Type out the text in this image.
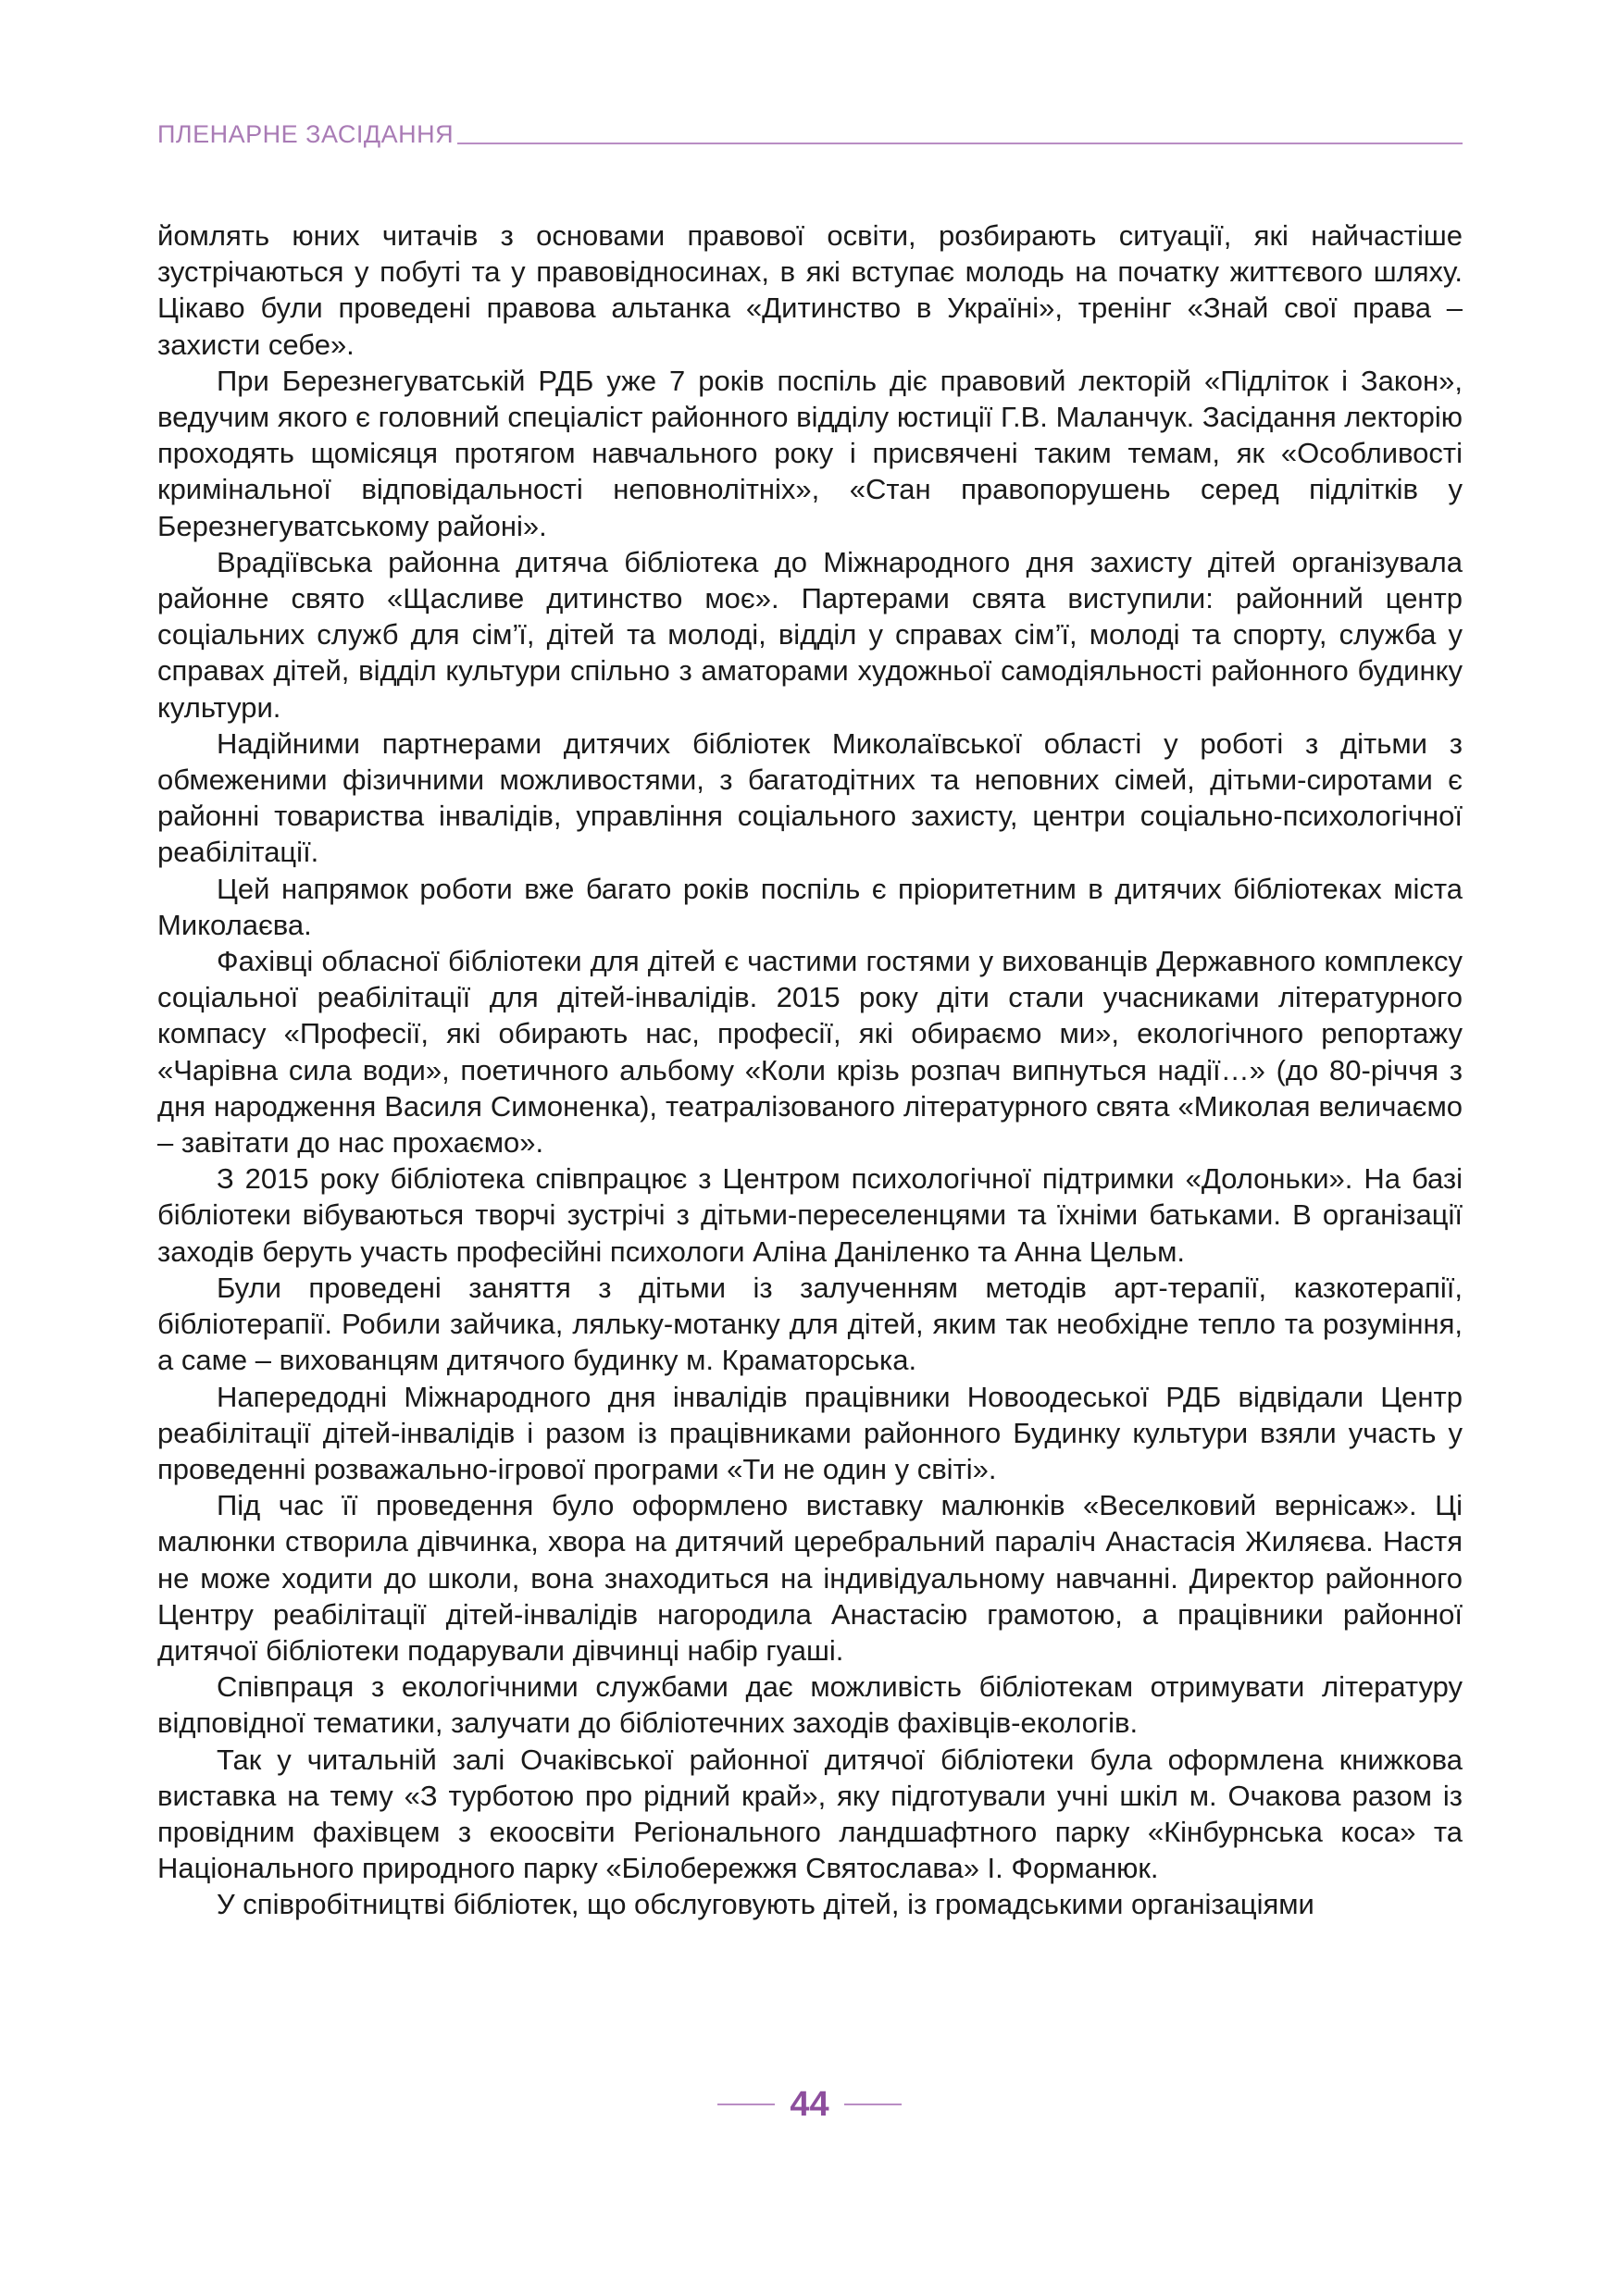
ПЛЕНАРНЕ ЗАСІДАННЯ

йомлять юних читачів з основами правової освіти, розбирають ситуації, які найчастіше зустрічаються у побуті та у правовідносинах, в які вступає молодь на початку життєвого шляху. Цікаво були проведені правова альтанка «Дитинство в Україні», тренінг «Знай свої права – захисти себе».

При Березнегуватській РДБ уже 7 років поспіль діє правовий лекторій «Підліток і Закон», ведучим якого є головний спеціаліст районного відділу юстиції Г.В. Маланчук. Засідання лекторію проходять щомісяця протягом навчального року і присвячені таким темам, як «Особливості кримінальної відповідальності неповнолітніх», «Стан правопорушень серед підлітків у Березнегуватському районі».

Врадіївська районна дитяча бібліотека до Міжнародного дня захисту дітей організувала районне свято «Щасливе дитинство моє». Партерами свята виступили: районний центр соціальних служб для сім’ї, дітей та молоді, відділ у справах сім’ї, молоді та спорту, служба у справах дітей, відділ культури спільно з аматорами художньої самодіяльності районного будинку культури.

Надійними партнерами дитячих бібліотек Миколаївської області у роботі з дітьми з обмеженими фізичними можливостями, з багатодітних та неповних сімей, дітьми-сиротами є районні товариства інвалідів, управління соціального захисту, центри соціально-психологічної реабілітації.

Цей напрямок роботи вже багато років поспіль є пріоритетним в дитячих бібліотеках міста Миколаєва.

Фахівці обласної бібліотеки для дітей є частими гостями у вихованців Державного комплексу соціальної реабілітації для дітей-інвалідів. 2015 року діти стали учасниками літературного компасу «Професії, які обирають нас, професії, які обираємо ми», екологічного репортажу «Чарівна сила води», поетичного альбому «Коли крізь розпач випнуться надії…» (до 80-річчя з дня народження Василя Симоненка), театралізованого літературного свята «Миколая величаємо – завітати до нас прохаємо».

З 2015 року бібліотека співпрацює з Центром психологічної підтримки «Долоньки». На базі бібліотеки вібуваються творчі зустрічі з дітьми-переселенцями та їхніми батьками. В організації заходів беруть участь професійні психологи Аліна Даніленко та Анна Цельм.

Були проведені заняття з дітьми із залученням методів арт-терапії, казкотерапії, бібліотерапії. Робили зайчика, ляльку-мотанку для дітей, яким так необхідне тепло та розуміння, а саме – вихованцям дитячого будинку м. Краматорська.

Напередодні Міжнародного дня інвалідів працівники Новоодеської РДБ відвідали Центр реабілітації дітей-інвалідів і разом із працівниками районного Будинку культури взяли участь у проведенні розважально-ігрової програми «Ти не один у світі».

Під час її проведення було оформлено виставку малюнків «Веселковий вернісаж». Ці малюнки створила дівчинка, хвора на дитячий церебральний параліч Анастасія Жиляєва. Настя не може ходити до школи, вона знаходиться на індивідуальному навчанні. Директор районного Центру реабілітації дітей-інвалідів нагородила Анастасію грамотою, а працівники районної дитячої бібліотеки подарували дівчинці набір гуаші.

Співпраця з екологічними службами дає можливість бібліотекам отримувати літературу відповідної тематики, залучати до бібліотечних заходів фахівців-екологів.

Так у читальній залі Очаківської районної дитячої бібліотеки була оформлена книжкова виставка на тему «З турботою про рідний край», яку підготували учні шкіл м. Очакова разом із провідним фахівцем з екоосвіти Регіонального ландшафтного парку «Кінбурнська коса» та Національного природного парку «Білобережжя Святослава» І. Форманюк.

У співробітництві бібліотек, що обслуговують дітей, із громадськими організаціями

44
